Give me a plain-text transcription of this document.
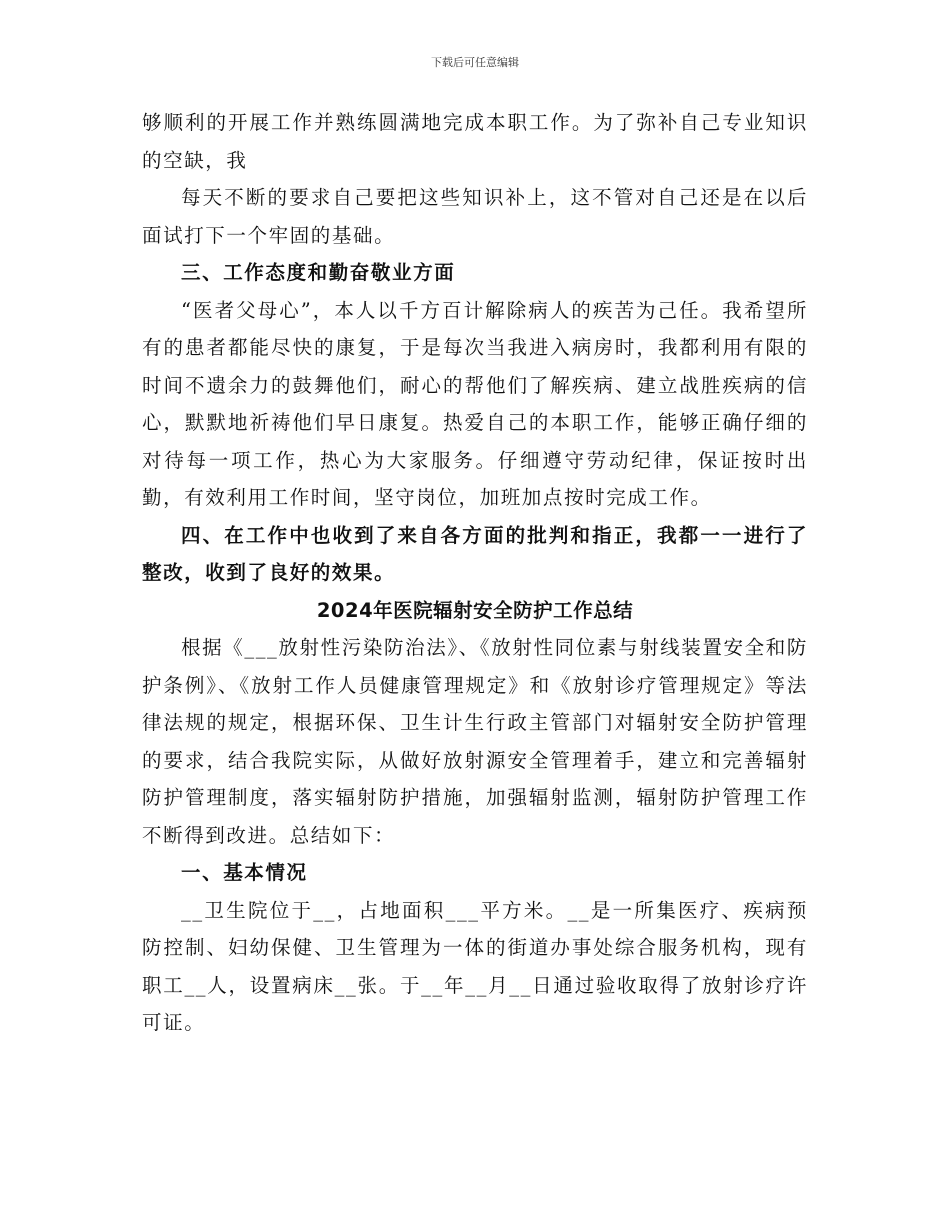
下载后可任意编辑

够顺利的开展工作并熟练圆满地完成本职工作。为了弥补自己专业知识的空缺，我

每天不断的要求自己要把这些知识补上，这不管对自己还是在以后面试打下一个牢固的基础。

三、工作态度和勤奋敬业方面

“医者父母心”，本人以千方百计解除病人的疾苦为己任。我希望所有的患者都能尽快的康复，于是每次当我进入病房时，我都利用有限的时间不遗余力的鼓舞他们，耐心的帮他们了解疾病、建立战胜疾病的信心，默默地祈祷他们早日康复。热爱自己的本职工作，能够正确仔细的对待每一项工作，热心为大家服务。仔细遵守劳动纪律，保证按时出勤，有效利用工作时间，坚守岗位，加班加点按时完成工作。

四、在工作中也收到了来自各方面的批判和指正，我都一一进行了整改，收到了良好的效果。

2024年医院辐射安全防护工作总结

根据《___放射性污染防治法》、《放射性同位素与射线装置安全和防护条例》、《放射工作人员健康管理规定》和《放射诊疗管理规定》等法律法规的规定，根据环保、卫生计生行政主管部门对辐射安全防护管理的要求，结合我院实际，从做好放射源安全管理着手，建立和完善辐射防护管理制度，落实辐射防护措施，加强辐射监测，辐射防护管理工作不断得到改进。总结如下：

一、基本情况

__卫生院位于__，占地面积___平方米。__是一所集医疗、疾病预防控制、妇幼保健、卫生管理为一体的街道办事处综合服务机构，现有职工__人，设置病床__张。于__年__月__日通过验收取得了放射诊疗许可证。
